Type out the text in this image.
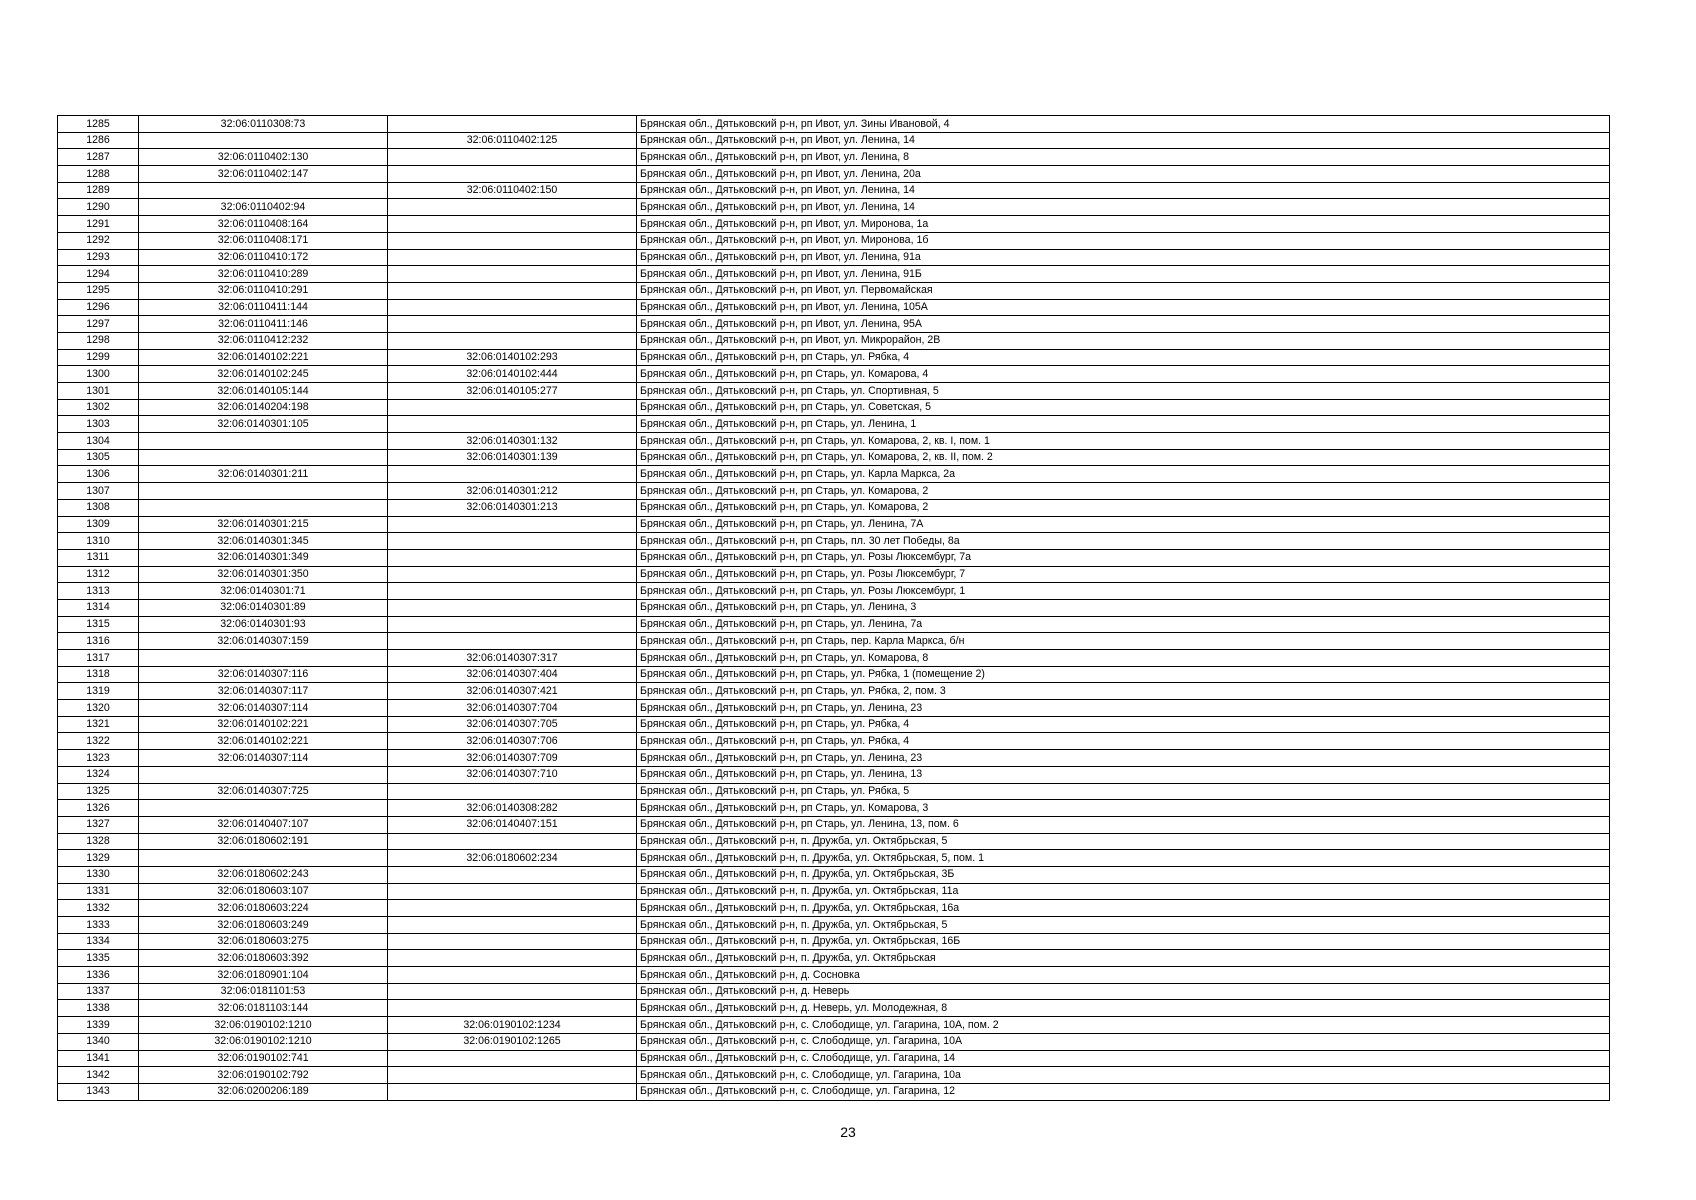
1285	32:06:0110308:73		Брянская обл., Дятьковский р-н, рп Ивот, ул. Зины Ивановой, 4
1286		32:06:0110402:125	Брянская обл., Дятьковский р-н, рп Ивот, ул. Ленина, 14
1287	32:06:0110402:130		Брянская обл., Дятьковский р-н, рп Ивот, ул. Ленина, 8
1288	32:06:0110402:147		Брянская обл., Дятьковский р-н, рп Ивот, ул. Ленина, 20а
1289		32:06:0110402:150	Брянская обл., Дятьковский р-н, рп Ивот, ул. Ленина, 14
1290	32:06:0110402:94		Брянская обл., Дятьковский р-н, рп Ивот, ул. Ленина, 14
1291	32:06:0110408:164		Брянская обл., Дятьковский р-н, рп Ивот, ул. Миронова, 1а
1292	32:06:0110408:171		Брянская обл., Дятьковский р-н, рп Ивот, ул. Миронова, 1б
1293	32:06:0110410:172		Брянская обл., Дятьковский р-н, рп Ивот, ул. Ленина, 91а
1294	32:06:0110410:289		Брянская обл., Дятьковский р-н, рп Ивот, ул. Ленина, 91Б
1295	32:06:0110410:291		Брянская обл., Дятьковский р-н, рп Ивот, ул. Первомайская
1296	32:06:0110411:144		Брянская обл., Дятьковский р-н, рп Ивот, ул. Ленина, 105А
1297	32:06:0110411:146		Брянская обл., Дятьковский р-н, рп Ивот, ул. Ленина, 95А
1298	32:06:0110412:232		Брянская обл., Дятьковский р-н, рп Ивот, ул. Микрорайон, 2В
1299	32:06:0140102:221	32:06:0140102:293	Брянская обл., Дятьковский р-н, рп Старь, ул. Рябка, 4
1300	32:06:0140102:245	32:06:0140102:444	Брянская обл., Дятьковский р-н, рп Старь, ул. Комарова, 4
1301	32:06:0140105:144	32:06:0140105:277	Брянская обл., Дятьковский р-н, рп Старь, ул. Спортивная, 5
1302	32:06:0140204:198		Брянская обл., Дятьковский р-н, рп Старь, ул. Советская, 5
1303	32:06:0140301:105		Брянская обл., Дятьковский р-н, рп Старь, ул. Ленина, 1
1304		32:06:0140301:132	Брянская обл., Дятьковский р-н, рп Старь, ул. Комарова, 2, кв. I, пом. 1
1305		32:06:0140301:139	Брянская обл., Дятьковский р-н, рп Старь, ул. Комарова, 2, кв. II, пом. 2
1306	32:06:0140301:211		Брянская обл., Дятьковский р-н, рп Старь, ул. Карла Маркса, 2а
1307		32:06:0140301:212	Брянская обл., Дятьковский р-н, рп Старь, ул. Комарова, 2
1308		32:06:0140301:213	Брянская обл., Дятьковский р-н, рп Старь, ул. Комарова, 2
1309	32:06:0140301:215		Брянская обл., Дятьковский р-н, рп Старь, ул. Ленина, 7А
1310	32:06:0140301:345		Брянская обл., Дятьковский р-н, рп Старь, пл. 30 лет Победы, 8а
1311	32:06:0140301:349		Брянская обл., Дятьковский р-н, рп Старь, ул. Розы Люксембург, 7а
1312	32:06:0140301:350		Брянская обл., Дятьковский р-н, рп Старь, ул. Розы Люксембург, 7
1313	32:06:0140301:71		Брянская обл., Дятьковский р-н, рп Старь, ул. Розы Люксембург, 1
1314	32:06:0140301:89		Брянская обл., Дятьковский р-н, рп Старь, ул. Ленина, 3
1315	32:06:0140301:93		Брянская обл., Дятьковский р-н, рп Старь, ул. Ленина, 7а
1316	32:06:0140307:159		Брянская обл., Дятьковский р-н, рп Старь, пер. Карла Маркса, б/н
1317		32:06:0140307:317	Брянская обл., Дятьковский р-н, рп Старь, ул. Комарова, 8
1318	32:06:0140307:116	32:06:0140307:404	Брянская обл., Дятьковский р-н, рп Старь, ул. Рябка, 1 (помещение 2)
1319	32:06:0140307:117	32:06:0140307:421	Брянская обл., Дятьковский р-н, рп Старь, ул. Рябка, 2, пом. 3
1320	32:06:0140307:114	32:06:0140307:704	Брянская обл., Дятьковский р-н, рп Старь, ул. Ленина, 23
1321	32:06:0140102:221	32:06:0140307:705	Брянская обл., Дятьковский р-н, рп Старь, ул. Рябка, 4
1322	32:06:0140102:221	32:06:0140307:706	Брянская обл., Дятьковский р-н, рп Старь, ул. Рябка, 4
1323	32:06:0140307:114	32:06:0140307:709	Брянская обл., Дятьковский р-н, рп Старь, ул. Ленина, 23
1324		32:06:0140307:710	Брянская обл., Дятьковский р-н, рп Старь, ул. Ленина, 13
1325	32:06:0140307:725		Брянская обл., Дятьковский р-н, рп Старь, ул. Рябка, 5
1326		32:06:0140308:282	Брянская обл., Дятьковский р-н, рп Старь, ул. Комарова, 3
1327	32:06:0140407:107	32:06:0140407:151	Брянская обл., Дятьковский р-н, рп Старь, ул. Ленина, 13, пом. 6
1328	32:06:0180602:191		Брянская обл., Дятьковский р-н, п. Дружба, ул. Октябрьская, 5
1329		32:06:0180602:234	Брянская обл., Дятьковский р-н, п. Дружба, ул. Октябрьская, 5, пом. 1
1330	32:06:0180602:243		Брянская обл., Дятьковский р-н, п. Дружба, ул. Октябрьская, 3Б
1331	32:06:0180603:107		Брянская обл., Дятьковский р-н, п. Дружба, ул. Октябрьская, 11а
1332	32:06:0180603:224		Брянская обл., Дятьковский р-н, п. Дружба, ул. Октябрьская, 16а
1333	32:06:0180603:249		Брянская обл., Дятьковский р-н, п. Дружба, ул. Октябрьская, 5
1334	32:06:0180603:275		Брянская обл., Дятьковский р-н, п. Дружба, ул. Октябрьская, 16Б
1335	32:06:0180603:392		Брянская обл., Дятьковский р-н, п. Дружба, ул. Октябрьская
1336	32:06:0180901:104		Брянская обл., Дятьковский р-н, д. Сосновка
1337	32:06:0181101:53		Брянская обл., Дятьковский р-н, д. Неверь
1338	32:06:0181103:144		Брянская обл., Дятьковский р-н, д. Неверь, ул. Молодежная, 8
1339	32:06:0190102:1210	32:06:0190102:1234	Брянская обл., Дятьковский р-н, с. Слободище, ул. Гагарина, 10А, пом. 2
1340	32:06:0190102:1210	32:06:0190102:1265	Брянская обл., Дятьковский р-н, с. Слободище, ул. Гагарина, 10А
1341	32:06:0190102:741		Брянская обл., Дятьковский р-н, с. Слободище, ул. Гагарина, 14
1342	32:06:0190102:792		Брянская обл., Дятьковский р-н, с. Слободище, ул. Гагарина, 10а
1343	32:06:0200206:189		Брянская обл., Дятьковский р-н, с. Слободище, ул. Гагарина, 12
23
